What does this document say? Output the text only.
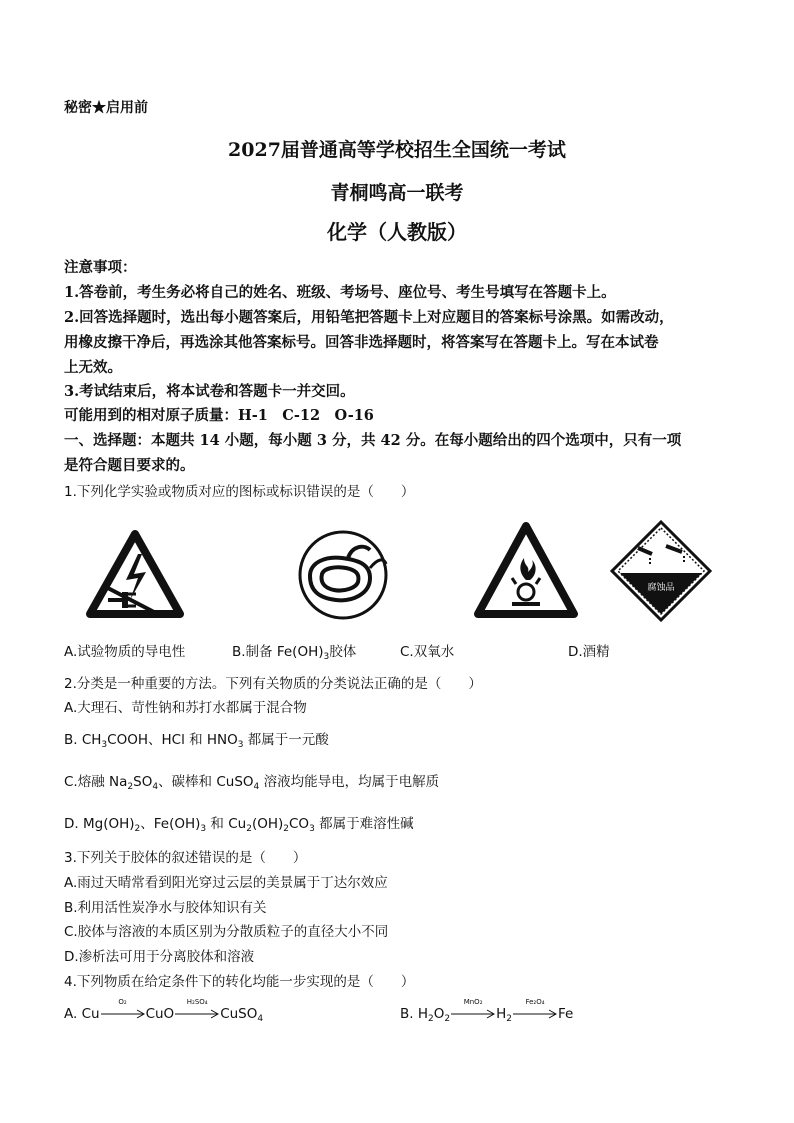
秘密★启用前
2027届普通高等学校招生全国统一考试
青桐鸣高一联考
化学（人教版）
注意事项：
1.答卷前，考生务必将自己的姓名、班级、考场号、座位号、考生号填写在答题卡上。
2.回答选择题时，选出每小题答案后，用铅笔把答题卡上对应题目的答案标号涂黑。如需改动，
用橡皮擦干净后，再选涂其他答案标号。回答非选择题时，将答案写在答题卡上。写在本试卷
上无效。
3.考试结束后，将本试卷和答题卡一并交回。
可能用到的相对原子质量：H-1　C-12　O-16
一、选择题：本题共 14 小题，每小题 3 分，共 42 分。在每小题给出的四个选项中，只有一项
是符合题目要求的。
1.下列化学实验或物质对应的图标或标识错误的是（　　）
腐蚀品
A.试验物质的导电性	B.制备 $Fe(OH)_3$胶体	C.双氧水	D.酒精
2.分类是一种重要的方法。下列有关物质的分类说法正确的是（　　）
A.大理石、苛性钠和苏打水都属于混合物
B. $CH_3COOH$、HCl 和 $HNO_3$ 都属于一元酸
C.熔融 $Na_2SO_4$、碳棒和 CuSO$_4$ 溶液均能导电，均属于电解质
D. $Mg(OH)_2$、$Fe(OH)_3$ 和 $Cu_2(OH)_2CO_3$ 都属于难溶性碱
3.下列关于胶体的叙述错误的是（　　）
A.雨过天晴常看到阳光穿过云层的美景属于丁达尔效应
B.利用活性炭净水与胶体知识有关
C.胶体与溶液的本质区别为分散质粒子的直径大小不同
D.渗析法可用于分离胶体和溶液
4.下列物质在给定条件下的转化均能一步实现的是（　　）
A. Cu
O₂
CuO
H₂SO₄
CuSO$_4$	B. $H_2O_2$
MnO₂
$H_2$
Fe₂O₄
Fe
